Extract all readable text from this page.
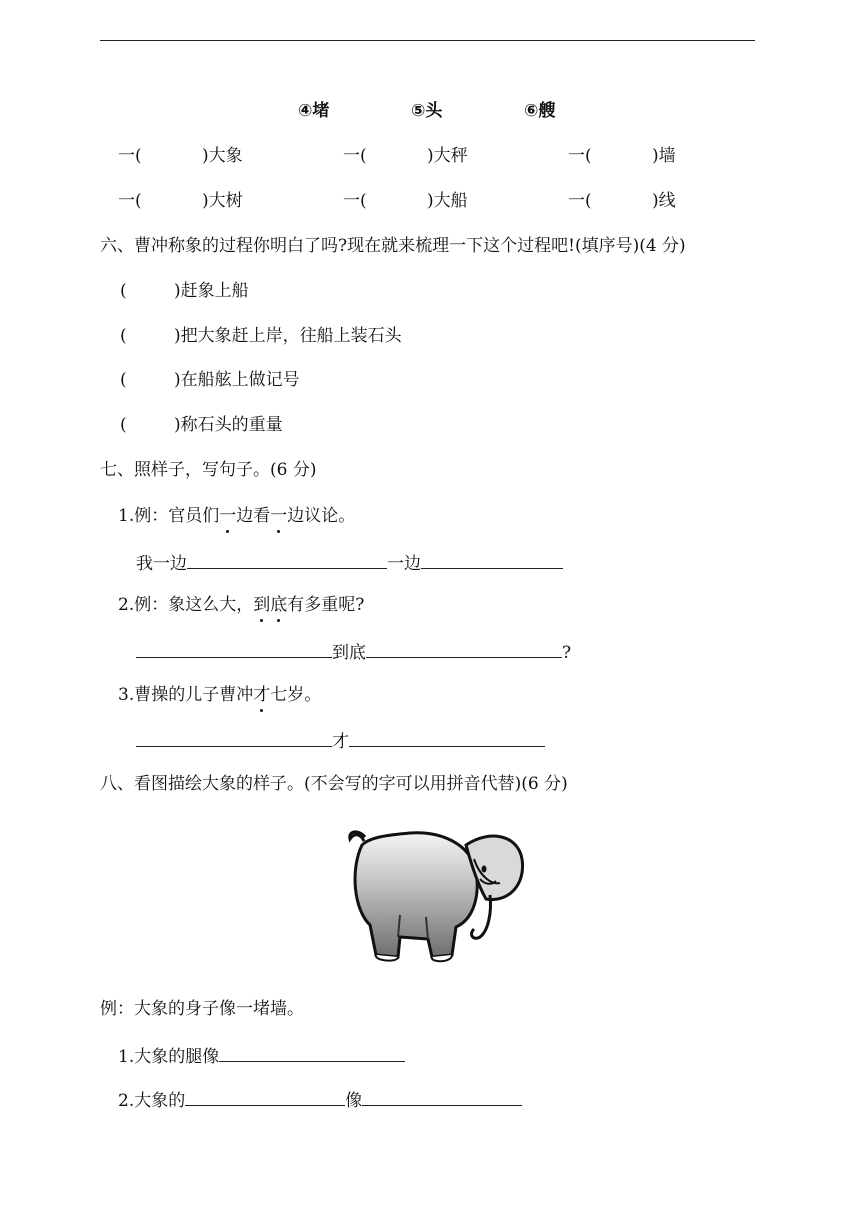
④堵	⑤头	⑥艘
一(	)大象	一(	)大秤	一(	)墙
一(	)大树	一(	)大船	一(	)线
六、曹冲称象的过程你明白了吗?现在就来梳理一下这个过程吧!(填序号)(4 分)
(	)赶象上船
(	)把大象赶上岸，往船上装石头
(	)在船舷上做记号
(	)称石头的重量
七、照样子，写句子。(6 分)
1.例：官员们一边看一边议论。
我一边	一边
2.例：象这么大，到底有多重呢?
到底	?
3.曹操的儿子曹冲才七岁。
才
八、看图描绘大象的样子。(不会写的字可以用拼音代替)(6 分)
例：大象的身子像一堵墙。
1.大象的腿像
2.大象的	像
